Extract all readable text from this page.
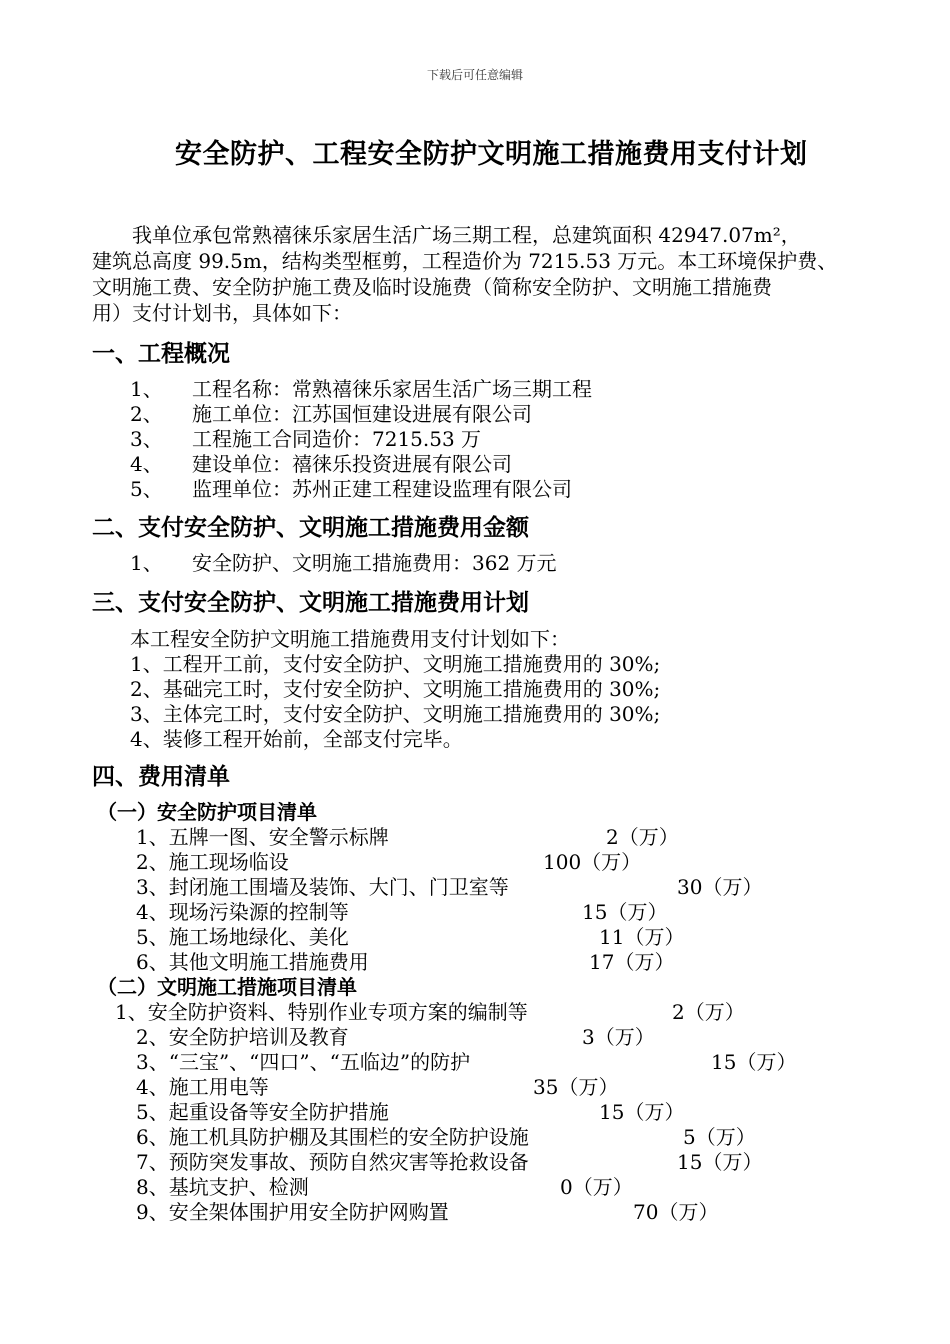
下载后可任意编辑
安全防护、工程安全防护文明施工措施费用支付计划
我单位承包常熟禧徕乐家居生活广场三期工程，总建筑面积 42947.07m²，
建筑总高度 99.5m，结构类型框剪，工程造价为 7215.53 万元。本工环境保护费、
文明施工费、安全防护施工费及临时设施费（简称安全防护、文明施工措施费
用）支付计划书，具体如下：
一、工程概况
1、 工程名称：常熟禧徕乐家居生活广场三期工程
2、 施工单位：江苏国恒建设进展有限公司
3、 工程施工合同造价：7215.53 万
4、 建设单位：禧徕乐投资进展有限公司
5、 监理单位：苏州正建工程建设监理有限公司
二、支付安全防护、文明施工措施费用金额
1、 安全防护、文明施工措施费用：362 万元
三、支付安全防护、文明施工措施费用计划
本工程安全防护文明施工措施费用支付计划如下：
1、工程开工前，支付安全防护、文明施工措施费用的 30%;
2、基础完工时，支付安全防护、文明施工措施费用的 30%;
3、主体完工时，支付安全防护、文明施工措施费用的 30%;
4、装修工程开始前，全部支付完毕。
四、费用清单
（一）安全防护项目清单
1、五牌一图、安全警示标牌	2（万）
2、施工现场临设	100（万）
3、封闭施工围墙及装饰、大门、门卫室等	30（万）
4、现场污染源的控制等	15（万）
5、施工场地绿化、美化	11（万）
6、其他文明施工措施费用	17（万）
（二）文明施工措施项目清单
1、安全防护资料、特别作业专项方案的编制等	2（万）
2、安全防护培训及教育	3（万）
3、“三宝”、“四口”、“五临边”的防护	15（万）
4、施工用电等	35（万）
5、起重设备等安全防护措施	15（万）
6、施工机具防护棚及其围栏的安全防护设施	5（万）
7、预防突发事故、预防自然灾害等抢救设备	15（万）
8、基坑支护、检测	0（万）
9、安全架体围护用安全防护网购置	70（万）
